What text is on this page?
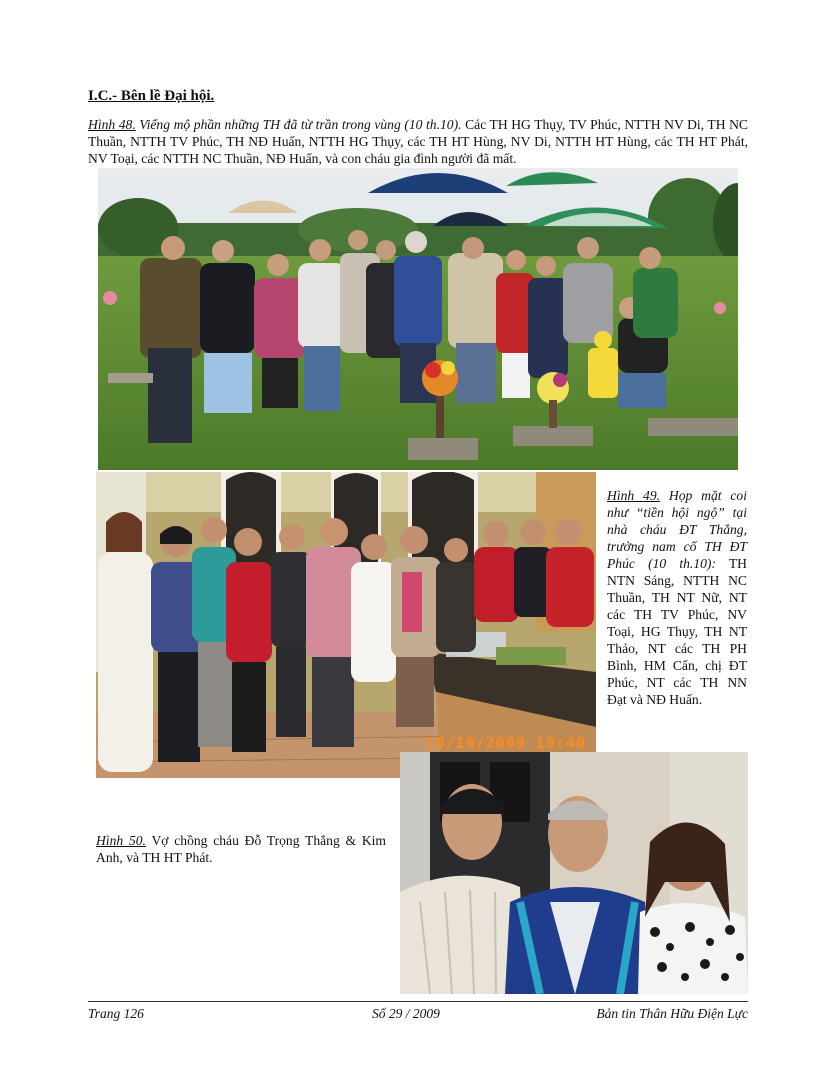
I.C.- Bên lề Đại hội.
Hình 48. Viếng mộ phần những TH đã từ trần trong vùng (10 th.10). Các TH HG Thụy, TV Phúc, NTTH NV Di, TH NC Thuần, NTTH TV Phúc, TH NĐ Huấn, NTTH HG Thụy, các TH HT Hùng, NV Di, NTTH HT Hùng, các TH HT Phát, NV Toại, các NTTH NC Thuần, NĐ Huấn, và con cháu gia đình người đã mất.
10/10/2009 19:40
Hình 49. Họp mặt coi như “tiền hội ngộ” tại nhà cháu ĐT Thắng, trưởng nam cố TH ĐT Phúc (10 th.10): TH NTN Sáng, NTTH NC Thuần, TH NT Nữ, NT các TH TV Phúc, NV Toại, HG Thụy, TH NT Thảo, NT các TH PH Bình, HM Cẩn, chị ĐT Phúc, NT các TH NN Đạt và NĐ Huấn.
Hình 50. Vợ chồng cháu Đỗ Trọng Thắng & Kim Anh, và TH HT Phát.
Trang 126	Số 29 / 2009	Bản tin Thân Hữu Điện Lực
